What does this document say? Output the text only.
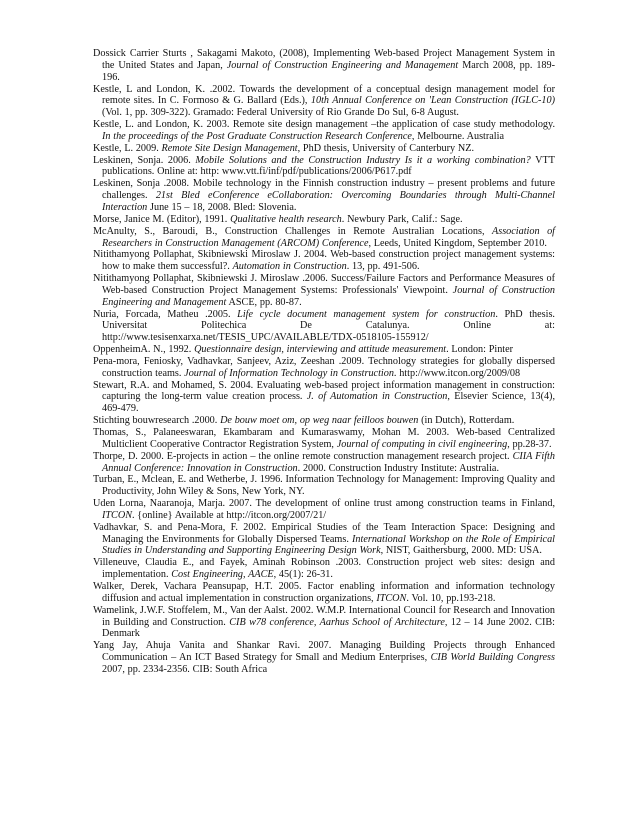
Dossick Carrier Sturts , Sakagami Makoto, (2008), Implementing Web-based Project Management System in the United States and Japan, Journal of Construction Engineering and Management March 2008, pp. 189-196.

Kestle, L and London, K. .2002. Towards the development of a conceptual design management model for remote sites. In C. Formoso & G. Ballard (Eds.), 10th Annual Conference on 'Lean Construction (IGLC-10) (Vol. 1, pp. 309-322). Gramado: Federal University of Rio Grande Do Sul, 6-8 August.

Kestle, L. and London, K. 2003. Remote site design management –the application of case study methodology. In the proceedings of the Post Graduate Construction Research Conference, Melbourne. Australia

Kestle, L. 2009. Remote Site Design Management, PhD thesis, University of Canterbury NZ.

Leskinen, Sonja. 2006. Mobile Solutions and the Construction Industry Is it a working combination? VTT publications. Online at: http: www.vtt.fi/inf/pdf/publications/2006/P617.pdf

Leskinen, Sonja .2008. Mobile technology in the Finnish construction industry – present problems and future challenges. 21st Bled eConference eCollaboration: Overcoming Boundaries through Multi-Channel Interaction June 15 – 18, 2008. Bled: Slovenia.

Morse, Janice M. (Editor), 1991. Qualitative health research. Newbury Park, Calif.: Sage.

McAnulty, S., Baroudi, B., Construction Challenges in Remote Australian Locations, Association of Researchers in Construction Management (ARCOM) Conference, Leeds, United Kingdom, September 2010.

Nitithamyong Pollaphat, Skibniewski Miroslaw J. 2004. Web-based construction project management systems: how to make them successful?. Automation in Construction. 13, pp. 491-506.

Nitithamyong Pollaphat, Skibniewski J. Miroslaw .2006. Success/Failure Factors and Performance Measures of Web-based Construction Project Management Systems: Professionals' Viewpoint. Journal of Construction Engineering and Management ASCE, pp. 80-87.

Nuria, Forcada, Matheu .2005. Life cycle document management system for construction. PhD thesis. Universitat Politechica De Catalunya. Online at: http://www.tesisenxarxa.net/TESIS_UPC/AVAILABLE/TDX-0518105-155912/

OppenheimA. N., 1992. Questionnaire design, interviewing and attitude measurement. London: Pinter

Pena-mora, Feniosky, Vadhavkar, Sanjeev, Aziz, Zeeshan .2009. Technology strategies for globally dispersed construction teams. Journal of Information Technology in Construction. http://www.itcon.org/2009/08

Stewart, R.A. and Mohamed, S. 2004. Evaluating web-based project information management in construction: capturing the long-term value creation process. J. of Automation in Construction, Elsevier Science, 13(4), 469-479.

Stichting bouwresearch .2000. De bouw moet om, op weg naar feilloos bouwen (in Dutch), Rotterdam.

Thomas, S., Palaneeswaran, Ekambaram and Kumaraswamy, Mohan M. 2003. Web-based Centralized Multiclient Cooperative Contractor Registration System, Journal of computing in civil engineering, pp.28-37.

Thorpe, D. 2000. E-projects in action – the online remote construction management research project. CIIA Fifth Annual Conference: Innovation in Construction. 2000. Construction Industry Institute: Australia.

Turban, E., Mclean, E. and Wetherbe, J. 1996. Information Technology for Management: Improving Quality and Productivity, John Wiley & Sons, New York, NY.

Uden Lorna, Naaranoja, Marja. 2007. The development of online trust among construction teams in Finland, ITCON. {online} Available at http://itcon.org/2007/21/

Vadhavkar, S. and Pena-Mora, F. 2002. Empirical Studies of the Team Interaction Space: Designing and Managing the Environments for Globally Dispersed Teams. International Workshop on the Role of Empirical Studies in Understanding and Supporting Engineering Design Work, NIST, Gaithersburg, 2000. MD: USA.

Villeneuve, Claudia E., and Fayek, Aminah Robinson .2003. Construction project web sites: design and implementation. Cost Engineering, AACE, 45(1): 26-31.

Walker, Derek, Vachara Peansupap, H.T. 2005. Factor enabling information and information technology diffusion and actual implementation in construction organizations, ITCON. Vol. 10, pp.193-218.

Wamelink, J.W.F. Stoffelem, M., Van der Aalst. 2002. W.M.P. International Council for Research and Innovation in Building and Construction. CIB w78 conference, Aarhus School of Architecture, 12 – 14 June 2002. CIB: Denmark

Yang Jay, Ahuja Vanita and Shankar Ravi. 2007. Managing Building Projects through Enhanced Communication – An ICT Based Strategy for Small and Medium Enterprises, CIB World Building Congress 2007, pp. 2334-2356. CIB: South Africa
